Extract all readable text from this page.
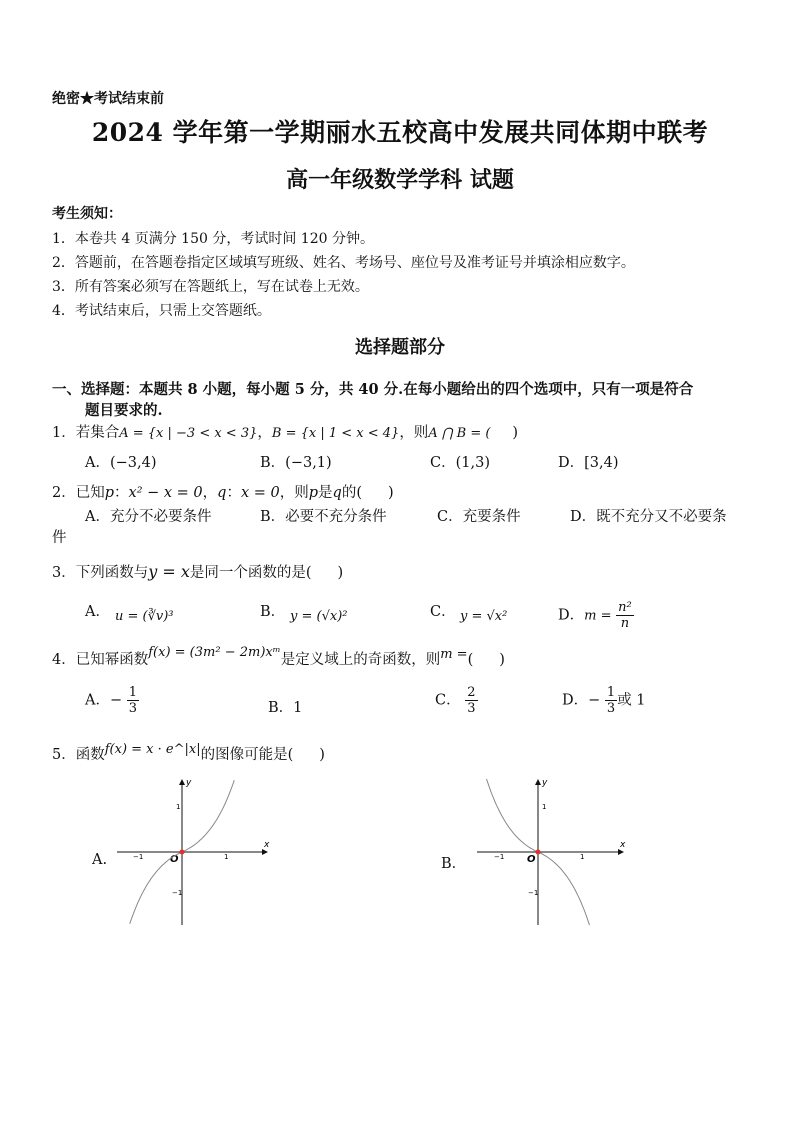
绝密★考试结束前
2024 学年第一学期丽水五校高中发展共同体期中联考
高一年级数学学科 试题
考生须知：
1．本卷共 4 页满分 150 分，考试时间 120 分钟。
2．答题前，在答题卷指定区域填写班级、姓名、考场号、座位号及准考证号并填涂相应数字。
3．所有答案必须写在答题纸上，写在试卷上无效。
4．考试结束后，只需上交答题纸。
选择题部分
一、选择题：本题共 8 小题，每小题 5 分，共 40 分.在每小题给出的四个选项中，只有一项是符合
题目要求的.
1．若集合A = {x | −3 < x < 3}，B = {x | 1 < x < 4}，则A ⋂ B = ( )
A．(−3,4)	B．(−3,1)	C．(1,3)	D．[3,4)
2．已知p：x² − x = 0，q：x = 0，则p是q的( )
A．充分不必要条件	B．必要不充分条件	C．充要条件	D．既不充分又不必要条
件
3．下列函数与y = x是同一个函数的是( )
A． u = (∛v)³	B． y = (√x)²	C． y = √x²	D．$m = \frac{\text{n²}}{n}$
4．已知幂函数f(x) = (3m² − 2m)xᵐ是定义域上的奇函数，则m =( )
A．− $\frac{1}{3}$	B．1	C． $\frac{2}{3}$	D．− $\frac{1}{3}$ 或 1
5．函数f(x) = x · e^|x|的图像可能是( )
A.
x
y
O
−1	1
1
−1
B．
x
y
O
−1	1
1
−1
